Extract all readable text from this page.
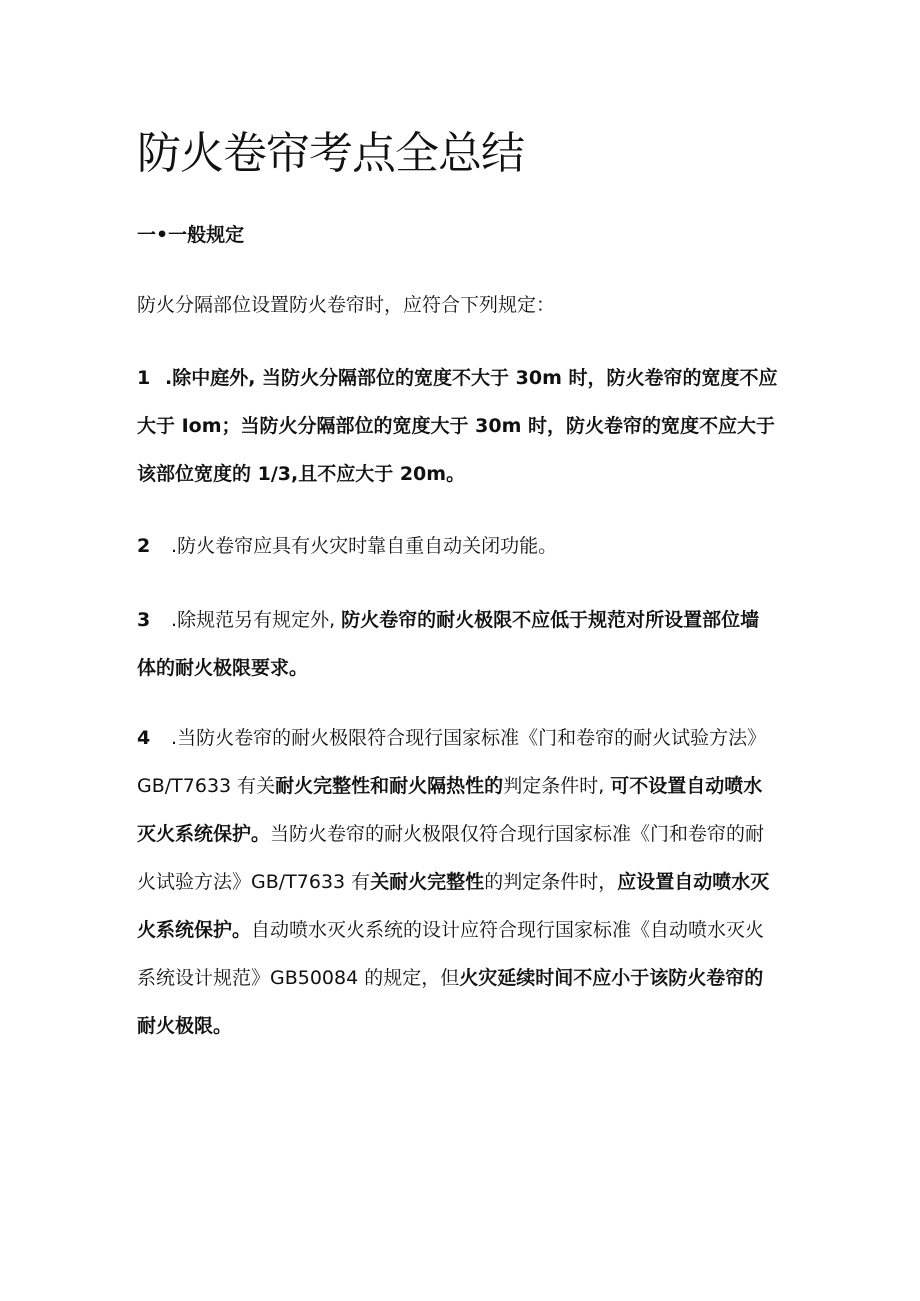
防火卷帘考点全总结
一•一般规定

防火分隔部位设置防火卷帘时，应符合下列规定：

1 .除中庭外, 当防火分隔部位的宽度不大于 30m 时，防火卷帘的宽度不应
大于 Iom；当防火分隔部位的宽度大于 30m 时，防火卷帘的宽度不应大于
该部位宽度的 1/3,且不应大于 20m。
2 .防火卷帘应具有火灾时靠自重自动关闭功能。
3 .除规范另有规定外, 防火卷帘的耐火极限不应低于规范对所设置部位墙
体的耐火极限要求。
4 .当防火卷帘的耐火极限符合现行国家标准《门和卷帘的耐火试验方法》
GB/T7633 有关耐火完整性和耐火隔热性的判定条件时, 可不设置自动喷水
灭火系统保护。当防火卷帘的耐火极限仅符合现行国家标准《门和卷帘的耐
火试验方法》GB/T7633 有关耐火完整性的判定条件时，应设置自动喷水灭
火系统保护。自动喷水灭火系统的设计应符合现行国家标准《自动喷水灭火
系统设计规范》GB50084 的规定，但火灾延续时间不应小于该防火卷帘的
耐火极限。
